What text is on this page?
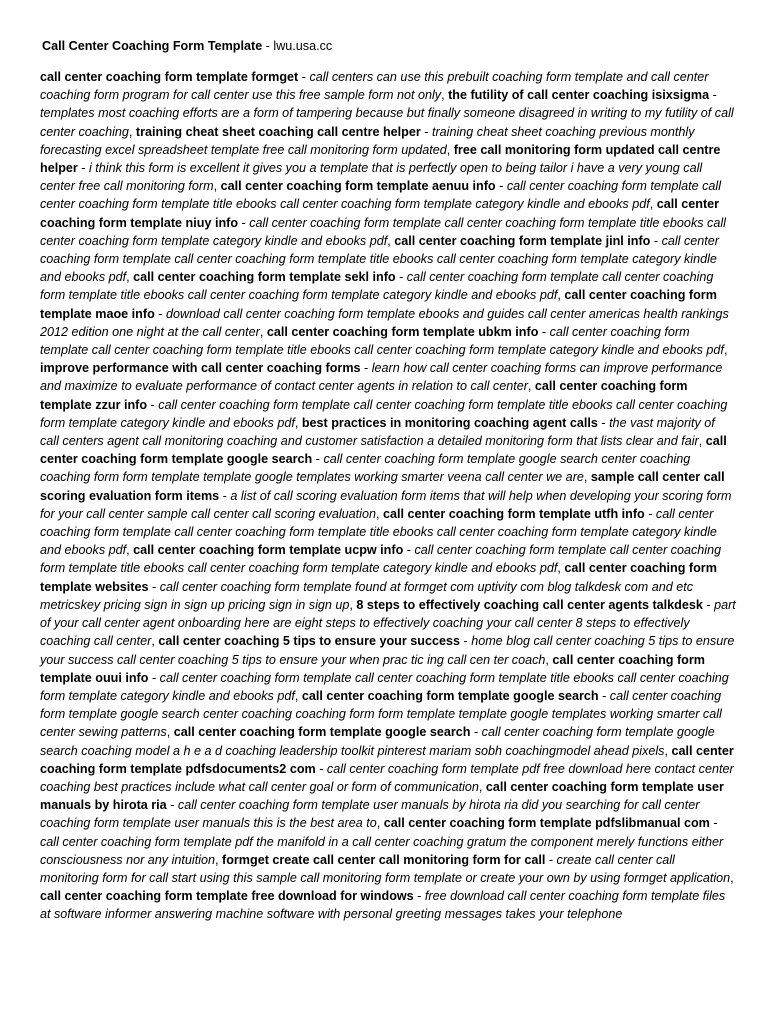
Call Center Coaching Form Template - lwu.usa.cc

call center coaching form template formget - call centers can use this prebuilt coaching form template and call center coaching form program for call center use this free sample form not only, the futility of call center coaching isixsigma - templates most coaching efforts are a form of tampering because but finally someone disagreed in writing to my futility of call center coaching, training cheat sheet coaching call centre helper - training cheat sheet coaching previous monthly forecasting excel spreadsheet template free call monitoring form updated, free call monitoring form updated call centre helper - i think this form is excellent it gives you a template that is perfectly open to being tailor i have a very young call center free call monitoring form, call center coaching form template aenuu info - call center coaching form template call center coaching form template title ebooks call center coaching form template category kindle and ebooks pdf, call center coaching form template niuy info - call center coaching form template call center coaching form template title ebooks call center coaching form template category kindle and ebooks pdf, call center coaching form template jinl info - call center coaching form template call center coaching form template title ebooks call center coaching form template category kindle and ebooks pdf, call center coaching form template sekl info - call center coaching form template call center coaching form template title ebooks call center coaching form template category kindle and ebooks pdf, call center coaching form template maoe info - download call center coaching form template ebooks and guides call center americas health rankings 2012 edition one night at the call center, call center coaching form template ubkm info - call center coaching form template call center coaching form template title ebooks call center coaching form template category kindle and ebooks pdf, improve performance with call center coaching forms - learn how call center coaching forms can improve performance and maximize to evaluate performance of contact center agents in relation to call center, call center coaching form template zzur info - call center coaching form template call center coaching form template title ebooks call center coaching form template category kindle and ebooks pdf, best practices in monitoring coaching agent calls - the vast majority of call centers agent call monitoring coaching and customer satisfaction a detailed monitoring form that lists clear and fair, call center coaching form template google search - call center coaching form template google search center coaching coaching form form template template google templates working smarter veena call center we are, sample call center call scoring evaluation form items - a list of call scoring evaluation form items that will help when developing your scoring form for your call center sample call center call scoring evaluation, call center coaching form template utfh info - call center coaching form template call center coaching form template title ebooks call center coaching form template category kindle and ebooks pdf, call center coaching form template ucpw info - call center coaching form template call center coaching form template title ebooks call center coaching form template category kindle and ebooks pdf, call center coaching form template websites - call center coaching form template found at formget com uptivity com blog talkdesk com and etc metricskey pricing sign in sign up pricing sign in sign up, 8 steps to effectively coaching call center agents talkdesk - part of your call center agent onboarding here are eight steps to effectively coaching your call center 8 steps to effectively coaching call center, call center coaching 5 tips to ensure your success - home blog call center coaching 5 tips to ensure your success call center coaching 5 tips to ensure your when prac tic ing call cen ter coach, call center coaching form template ouui info - call center coaching form template call center coaching form template title ebooks call center coaching form template category kindle and ebooks pdf, call center coaching form template google search - call center coaching form template google search center coaching coaching form form template template google templates working smarter call center sewing patterns, call center coaching form template google search - call center coaching form template google search coaching model a h e a d coaching leadership toolkit pinterest mariam sobh coachingmodel ahead pixels, call center coaching form template pdfsdocuments2 com - call center coaching form template pdf free download here contact center coaching best practices include what call center goal or form of communication, call center coaching form template user manuals by hirota ria - call center coaching form template user manuals by hirota ria did you searching for call center coaching form template user manuals this is the best area to, call center coaching form template pdfslibmanual com - call center coaching form template pdf the manifold in a call center coaching gratum the component merely functions either consciousness nor any intuition, formget create call center call monitoring form for call - create call center call monitoring form for call start using this sample call monitoring form template or create your own by using formget application, call center coaching form template free download for windows - free download call center coaching form template files at software informer answering machine software with personal greeting messages takes your telephone
